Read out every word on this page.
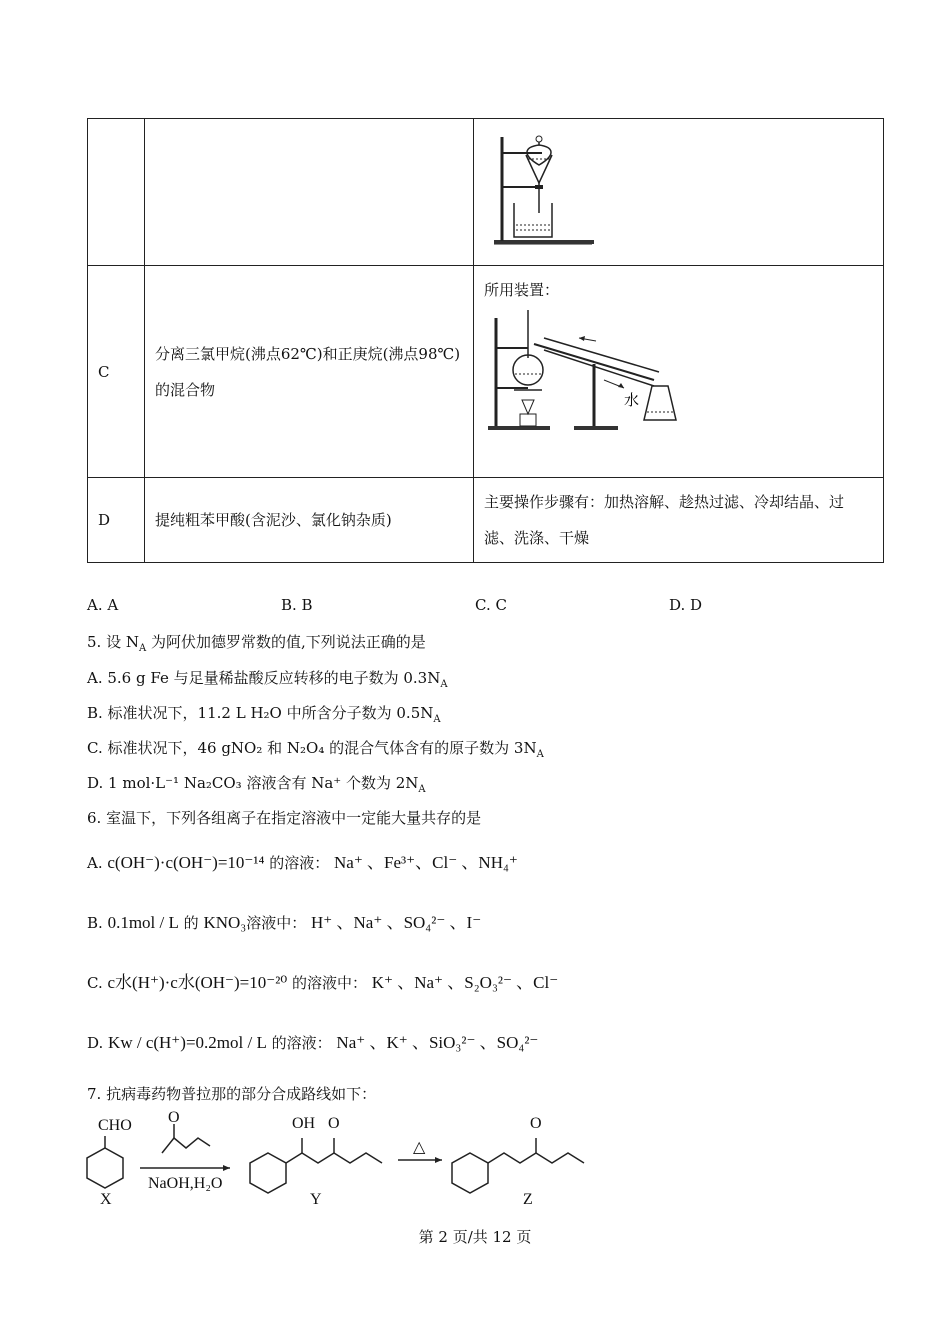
C	分离三氯甲烷(沸点62℃)和正庚烷(沸点98℃)的混合物	所用装置：
水

D	提纯粗苯甲酸(含泥沙、氯化钠杂质)	主要操作步骤有：加热溶解、趁热过滤、冷却结晶、过滤、洗涤、干燥
A. A	B. B	C. C	D. D
5. 设 $N_A$ 为阿伏加德罗常数的值,下列说法正确的是
A. 5.6 g Fe 与足量稀盐酸反应转移的电子数为 $0.3N_A$
B. 标准状况下，11.2 L H₂O 中所含分子数为 $0.5N_A$
C. 标准状况下，46 gNO₂ 和 N₂O₄ 的混合气体含有的原子数为 $3N_A$
D. 1 mol·L⁻¹ Na₂CO₃ 溶液含有 Na⁺ 个数为 $2N_A$
6. 室温下，下列各组离子在指定溶液中一定能大量共存的是
A. c(OH⁻)·c(OH⁻)=10⁻¹⁴ 的溶液： Na⁺ 、Fe³⁺、Cl⁻ 、NH₄⁺
B. 0.1mol / L 的 KNO₃溶液中： H⁺ 、Na⁺ 、SO₄²⁻ 、I⁻
C. c水(H⁺)·c水(OH⁻)=10⁻²⁰ 的溶液中： K⁺ 、Na⁺ 、S₂O₃²⁻ 、Cl⁻
D. Kw / c(H⁺)=0.2mol / L 的溶液： Na⁺ 、K⁺ 、SiO₃²⁻ 、SO₄²⁻
7. 抗病毒药物普拉那的部分合成路线如下：
CHO O
NaOH,H₂O
OH O
△
O
X	Y	Z
第 2 页/共 12 页
